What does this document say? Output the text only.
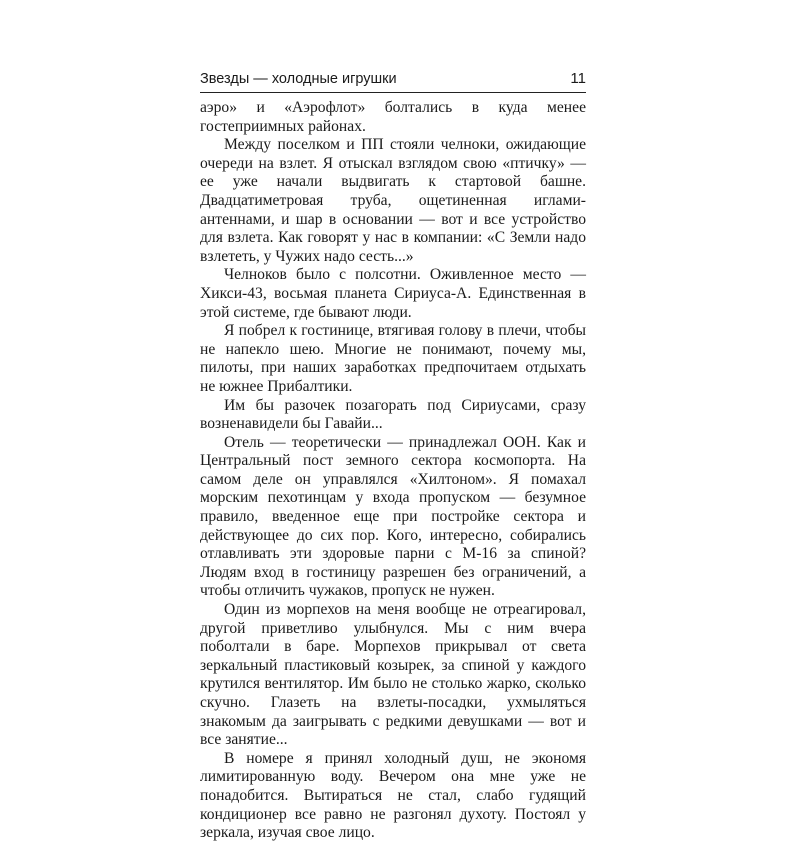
Звезды — холодные игрушки	11

аэро» и «Аэрофлот» болтались в куда менее гостеприимных районах.

Между поселком и ПП стояли челноки, ожидающие очереди на взлет. Я отыскал взглядом свою «птичку» — ее уже начали выдвигать к стартовой башне. Двадцатиметровая труба, ощетиненная иглами-антеннами, и шар в основании — вот и все устройство для взлета. Как говорят у нас в компании: «С Земли надо взлететь, у Чужих надо сесть...»

Челноков было с полсотни. Оживленное место — Хикси-43, восьмая планета Сириуса-А. Единственная в этой системе, где бывают люди.

Я побрел к гостинице, втягивая голову в плечи, чтобы не напекло шею. Многие не понимают, почему мы, пилоты, при наших заработках предпочитаем отдыхать не южнее Прибалтики.

Им бы разочек позагорать под Сириусами, сразу возненавидели бы Гавайи...

Отель — теоретически — принадлежал ООН. Как и Центральный пост земного сектора космопорта. На самом деле он управлялся «Хилтоном». Я помахал морским пехотинцам у входа пропуском — безумное правило, введенное еще при постройке сектора и действующее до сих пор. Кого, интересно, собирались отлавливать эти здоровые парни с М-16 за спиной? Людям вход в гостиницу разрешен без ограничений, а чтобы отличить чужаков, пропуск не нужен.

Один из морпехов на меня вообще не отреагировал, другой приветливо улыбнулся. Мы с ним вчера поболтали в баре. Морпехов прикрывал от света зеркальный пластиковый козырек, за спиной у каждого крутился вентилятор. Им было не столько жарко, сколько скучно. Глазеть на взлеты-посадки, ухмыляться знакомым да заигрывать с редкими девушками — вот и все занятие...

В номере я принял холодный душ, не экономя лимитированную воду. Вечером она мне уже не понадобится. Вытираться не стал, слабо гудящий кондиционер все равно не разгонял духоту. Постоял у зеркала, изучая свое лицо.
